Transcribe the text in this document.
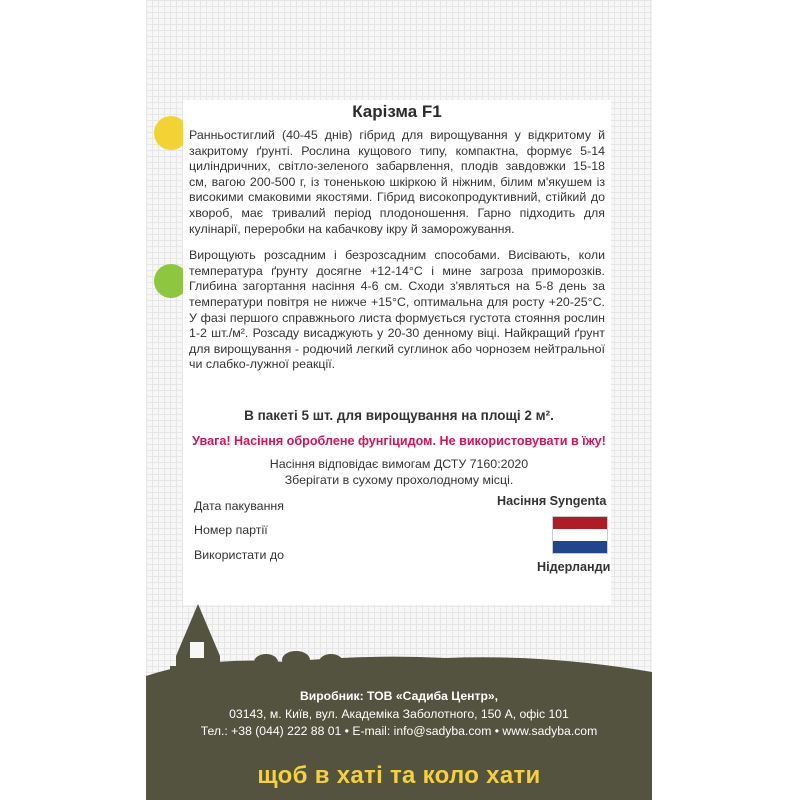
Карізма F1

Ранньостиглий (40-45 днів) гібрид для вирощування у відкритому й закритому ґрунті. Рослина кущового типу, компактна, формує 5-14 циліндричних, світло-зеленого забарвлення, плодів завдовжки 15-18 см, вагою 200-500 г, із тоненькою шкіркою й ніжним, білим м'якушем із високими смаковими якостями. Гібрид високопродуктивний, стійкий до хвороб, має тривалий період плодоношення. Гарно підходить для кулінарії, переробки на кабачкову ікру й заморожування.

Вирощують розсадним і безрозсадним способами. Висівають, коли температура ґрунту досягне +12-14°C і мине загроза приморозків. Глибина загортання насіння 4-6 см. Сходи з'являться на 5-8 день за температури повітря не нижче +15°C, оптимальна для росту +20-25°C. У фазі першого справжнього листа формується густота стояння рослин 1-2 шт./м². Розсаду висаджують у 20-30 денному віці. Найкращий ґрунт для вирощування - родючий легкий суглинок або чорнозем нейтральної чи слабко-лужної реакції.

В пакеті 5 шт. для вирощування на площі 2 м².
Увага! Насіння оброблене фунгіцидом. Не використовувати в їжу!
Насіння відповідає вимогам ДСТУ 7160:2020
Зберігати в сухому прохолодному місці.
Дата пакування
Номер партії
Використати до
Насіння Syngenta
Нідерланди
Виробник: ТОВ «Садиба Центр»,
03143, м. Київ, вул. Академіка Заболотного, 150 А, офіс 101
Тел.: +38 (044) 222 88 01 • E-mail: info@sadyba.com • www.sadyba.com
щоб в хаті та коло хати
